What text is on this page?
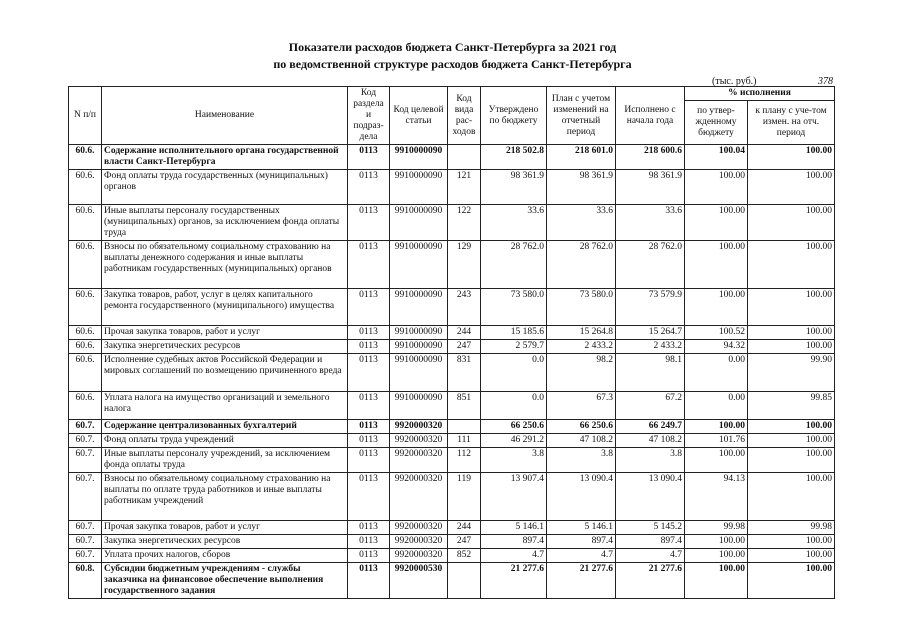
Показатели расходов бюджета Санкт-Петербурга за 2021 год
по ведомственной структуре расходов бюджета Санкт-Петербурга
(тыс. руб.)	378
N п/п	Наименование	Код раздела и подраз-дела	Код целевой статьи	Код вида рас-ходов	Утверждено по бюджету	План с учетом изменений на отчетный период	Исполнено с начала года	% исполнения	
								по утвер-жденному бюджету	к плану с уче-том измен. на отч. период
60.6.	Содержание исполнительного органа государственной власти Санкт-Петербурга	0113	9910000090		218 502.8	218 601.0	218 600.6	100.04	100.00
60.6.	Фонд оплаты труда государственных (муниципальных) органов	0113	9910000090	121	98 361.9	98 361.9	98 361.9	100.00	100.00
60.6.	Иные выплаты персоналу государственных (муниципальных) органов, за исключением фонда оплаты труда	0113	9910000090	122	33.6	33.6	33.6	100.00	100.00
60.6.	Взносы по обязательному социальному страхованию на выплаты денежного содержания и иные выплаты работникам государственных (муниципальных) органов	0113	9910000090	129	28 762.0	28 762.0	28 762.0	100.00	100.00
60.6.	Закупка товаров, работ, услуг в целях капитального ремонта государственного (муниципального) имущества	0113	9910000090	243	73 580.0	73 580.0	73 579.9	100.00	100.00
60.6.	Прочая закупка товаров, работ и услуг	0113	9910000090	244	15 185.6	15 264.8	15 264.7	100.52	100.00
60.6.	Закупка энергетических ресурсов	0113	9910000090	247	2 579.7	2 433.2	2 433.2	94.32	100.00
60.6.	Исполнение судебных актов Российской Федерации и мировых соглашений по возмещению причиненного вреда	0113	9910000090	831	0.0	98.2	98.1	0.00	99.90
60.6.	Уплата налога на имущество организаций и земельного налога	0113	9910000090	851	0.0	67.3	67.2	0.00	99.85
60.7.	Содержание централизованных бухгалтерий	0113	9920000320		66 250.6	66 250.6	66 249.7	100.00	100.00
60.7.	Фонд оплаты труда учреждений	0113	9920000320	111	46 291.2	47 108.2	47 108.2	101.76	100.00
60.7.	Иные выплаты персоналу учреждений, за исключением фонда оплаты труда	0113	9920000320	112	3.8	3.8	3.8	100.00	100.00
60.7.	Взносы по обязательному социальному страхованию на выплаты по оплате труда работников и иные выплаты работникам учреждений	0113	9920000320	119	13 907.4	13 090.4	13 090.4	94.13	100.00
60.7.	Прочая закупка товаров, работ и услуг	0113	9920000320	244	5 146.1	5 146.1	5 145.2	99.98	99.98
60.7.	Закупка энергетических ресурсов	0113	9920000320	247	897.4	897.4	897.4	100.00	100.00
60.7.	Уплата прочих налогов, сборов	0113	9920000320	852	4.7	4.7	4.7	100.00	100.00
60.8.	Субсидии бюджетным учреждениям - службы заказчика на финансовое обеспечение выполнения государственного задания	0113	9920000530		21 277.6	21 277.6	21 277.6	100.00	100.00
